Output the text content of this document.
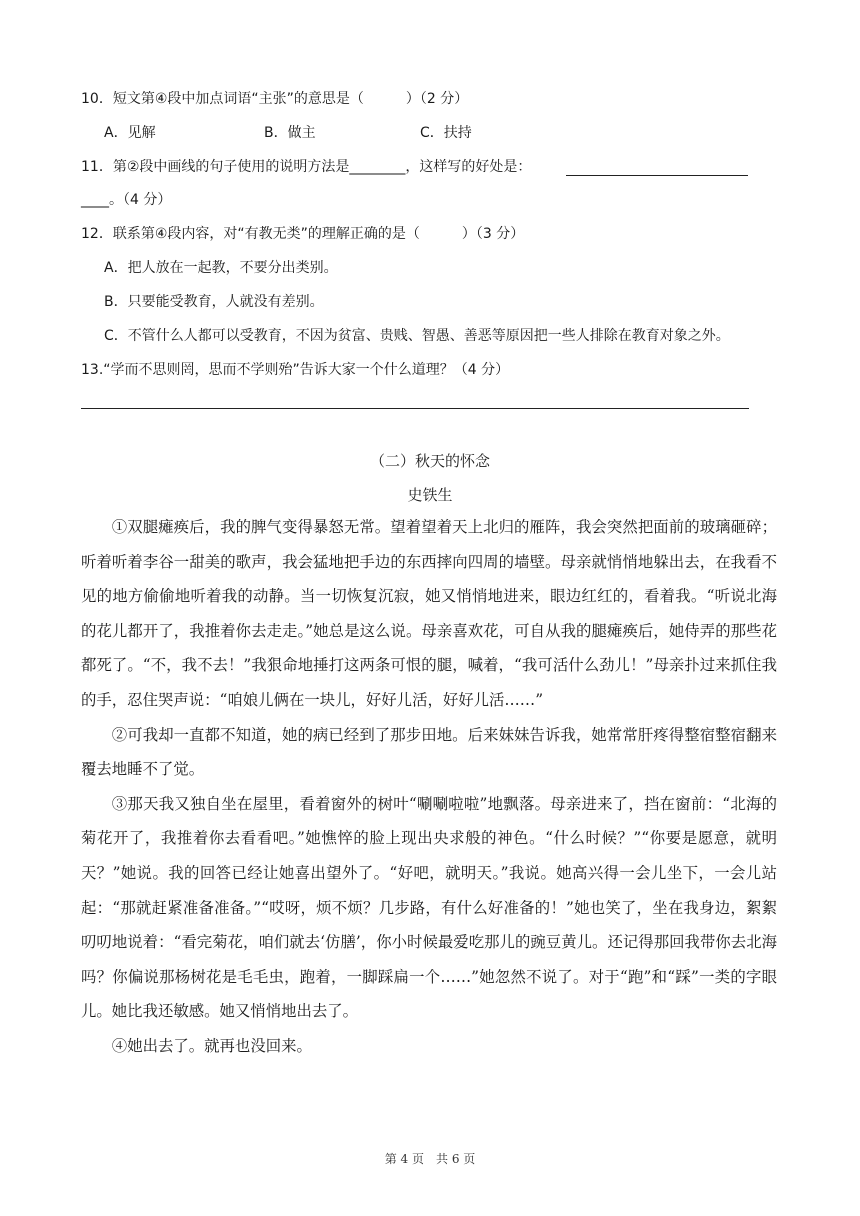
10．短文第④段中加点词语“主张”的意思是（　　　）（2 分）
A．见解	B．做主	C．扶持
11．第②段中画线的句子使用的说明方法是________，这样写的好处是：
____。（4 分）
12．联系第④段内容，对“有教无类”的理解正确的是（　　　）（3 分）
A．把人放在一起教，不要分出类别。
B．只要能受教育，人就没有差别。
C．不管什么人都可以受教育，不因为贫富、贵贱、智愚、善恶等原因把一些人排除在教育对象之外。
13.“学而不思则罔，思而不学则殆”告诉大家一个什么道理？（4 分）
（二）秋天的怀念
史铁生

①双腿瘫痪后，我的脾气变得暴怒无常。望着望着天上北归的雁阵，我会突然把面前的玻璃砸碎；听着听着李谷一甜美的歌声，我会猛地把手边的东西摔向四周的墙壁。母亲就悄悄地躲出去，在我看不见的地方偷偷地听着我的动静。当一切恢复沉寂，她又悄悄地进来，眼边红红的，看着我。“听说北海的花儿都开了，我推着你去走走。”她总是这么说。母亲喜欢花，可自从我的腿瘫痪后，她侍弄的那些花都死了。“不，我不去！”我狠命地捶打这两条可恨的腿，喊着，“我可活什么劲儿！”母亲扑过来抓住我的手，忍住哭声说：“咱娘儿俩在一块儿，好好儿活，好好儿活……”

②可我却一直都不知道，她的病已经到了那步田地。后来妹妹告诉我，她常常肝疼得整宿整宿翻来覆去地睡不了觉。

③那天我又独自坐在屋里，看着窗外的树叶“唰唰啦啦”地飘落。母亲进来了，挡在窗前：“北海的菊花开了，我推着你去看看吧。”她憔悴的脸上现出央求般的神色。“什么时候？”“你要是愿意，就明天？”她说。我的回答已经让她喜出望外了。“好吧，就明天。”我说。她高兴得一会儿坐下，一会儿站起：“那就赶紧准备准备。”“哎呀，烦不烦？几步路，有什么好准备的！”她也笑了，坐在我身边，絮絮叨叨地说着：“看完菊花，咱们就去‘仿膳’，你小时候最爱吃那儿的豌豆黄儿。还记得那回我带你去北海吗？你偏说那杨树花是毛毛虫，跑着，一脚踩扁一个……”她忽然不说了。对于“跑”和“踩”一类的字眼儿。她比我还敏感。她又悄悄地出去了。

④她出去了。就再也没回来。

第 4 页　共 6 页
